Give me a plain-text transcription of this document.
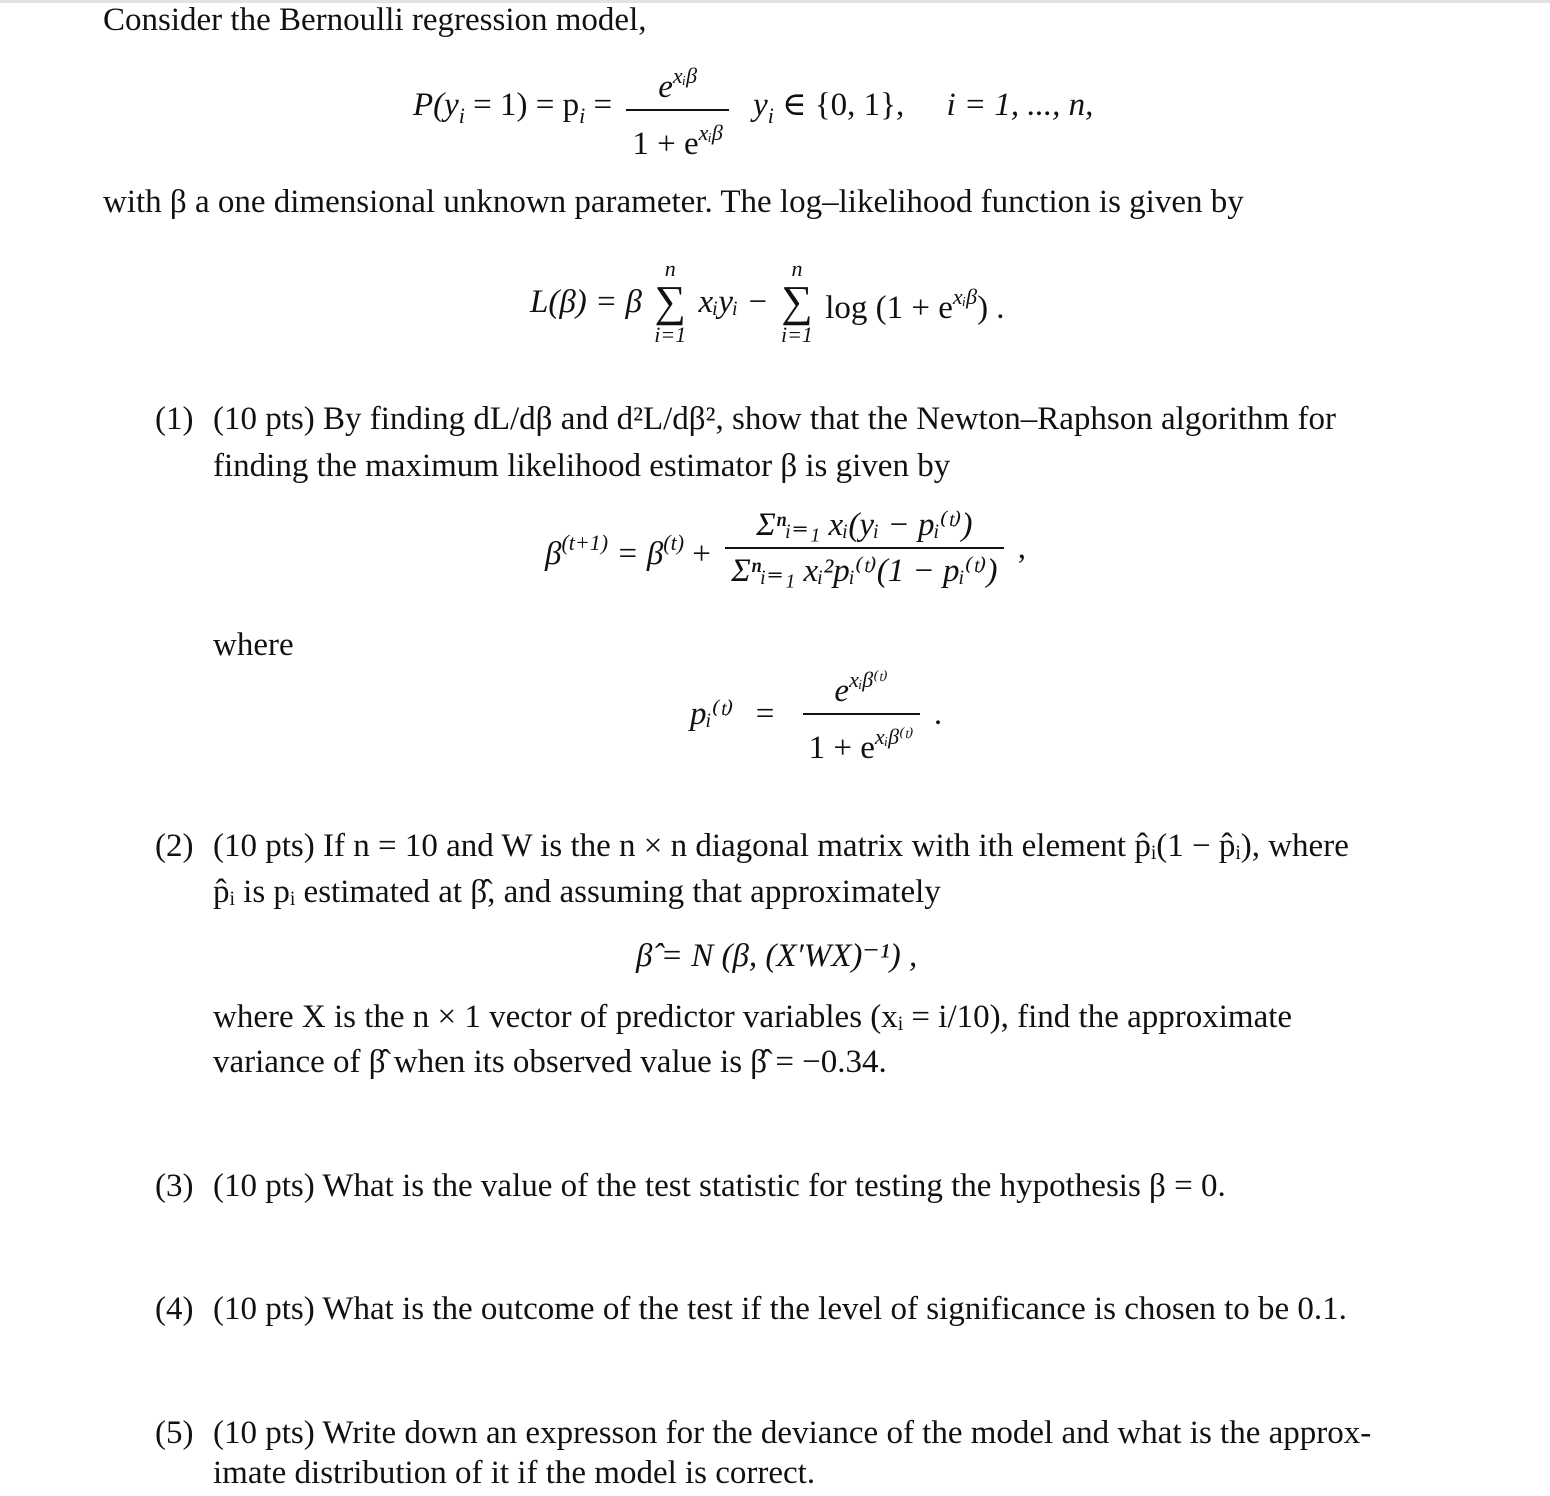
Consider the Bernoulli regression model,
$P(y_i = 1) = p_i = \frac{e^{xᵢ\beta}}{1 + e^{xᵢ\beta}} y_i$ ∈ {0, 1}, i = 1, ..., n,
with β a one dimensional unknown parameter. The log–likelihood function is given by
L(β) = β
n
∑
i=1
xᵢyᵢ −
n
∑
i=1
$\log (1 + e^{xᵢ\beta})$ .
(1) (10 pts) By finding dL/dβ and d²L/dβ², show that the Newton–Raphson algorithm for
finding the maximum likelihood estimator β is given by
$\beta^{(t+1)} = \beta^{(t)} + \frac{\text{Σⁿᵢ₌₁ xᵢ(yᵢ − pᵢ⁽ᵗ⁾)}}{\text{Σⁿᵢ₌₁ xᵢ²pᵢ⁽ᵗ⁾(1 − pᵢ⁽ᵗ⁾)}}$ ,
where
pᵢ⁽ᵗ⁾ = $\frac{e^{xᵢ\beta^(ᵗ^)}}{1 + e^{xᵢ\beta^(ᵗ^)}}$ .
(2) (10 pts) If n = 10 and W is the n × n diagonal matrix with ith element p̂ᵢ(1 − p̂ᵢ), where
p̂ᵢ is pᵢ estimated at β̂, and assuming that approximately
β̂ = N (β, (X′WX)⁻¹) ,
where X is the n × 1 vector of predictor variables (xᵢ = i/10), find the approximate
variance of β̂ when its observed value is β̂ = −0.34.
(3) (10 pts) What is the value of the test statistic for testing the hypothesis β = 0.
(4) (10 pts) What is the outcome of the test if the level of significance is chosen to be 0.1.
(5) (10 pts) Write down an expresson for the deviance of the model and what is the approx-
imate distribution of it if the model is correct.
